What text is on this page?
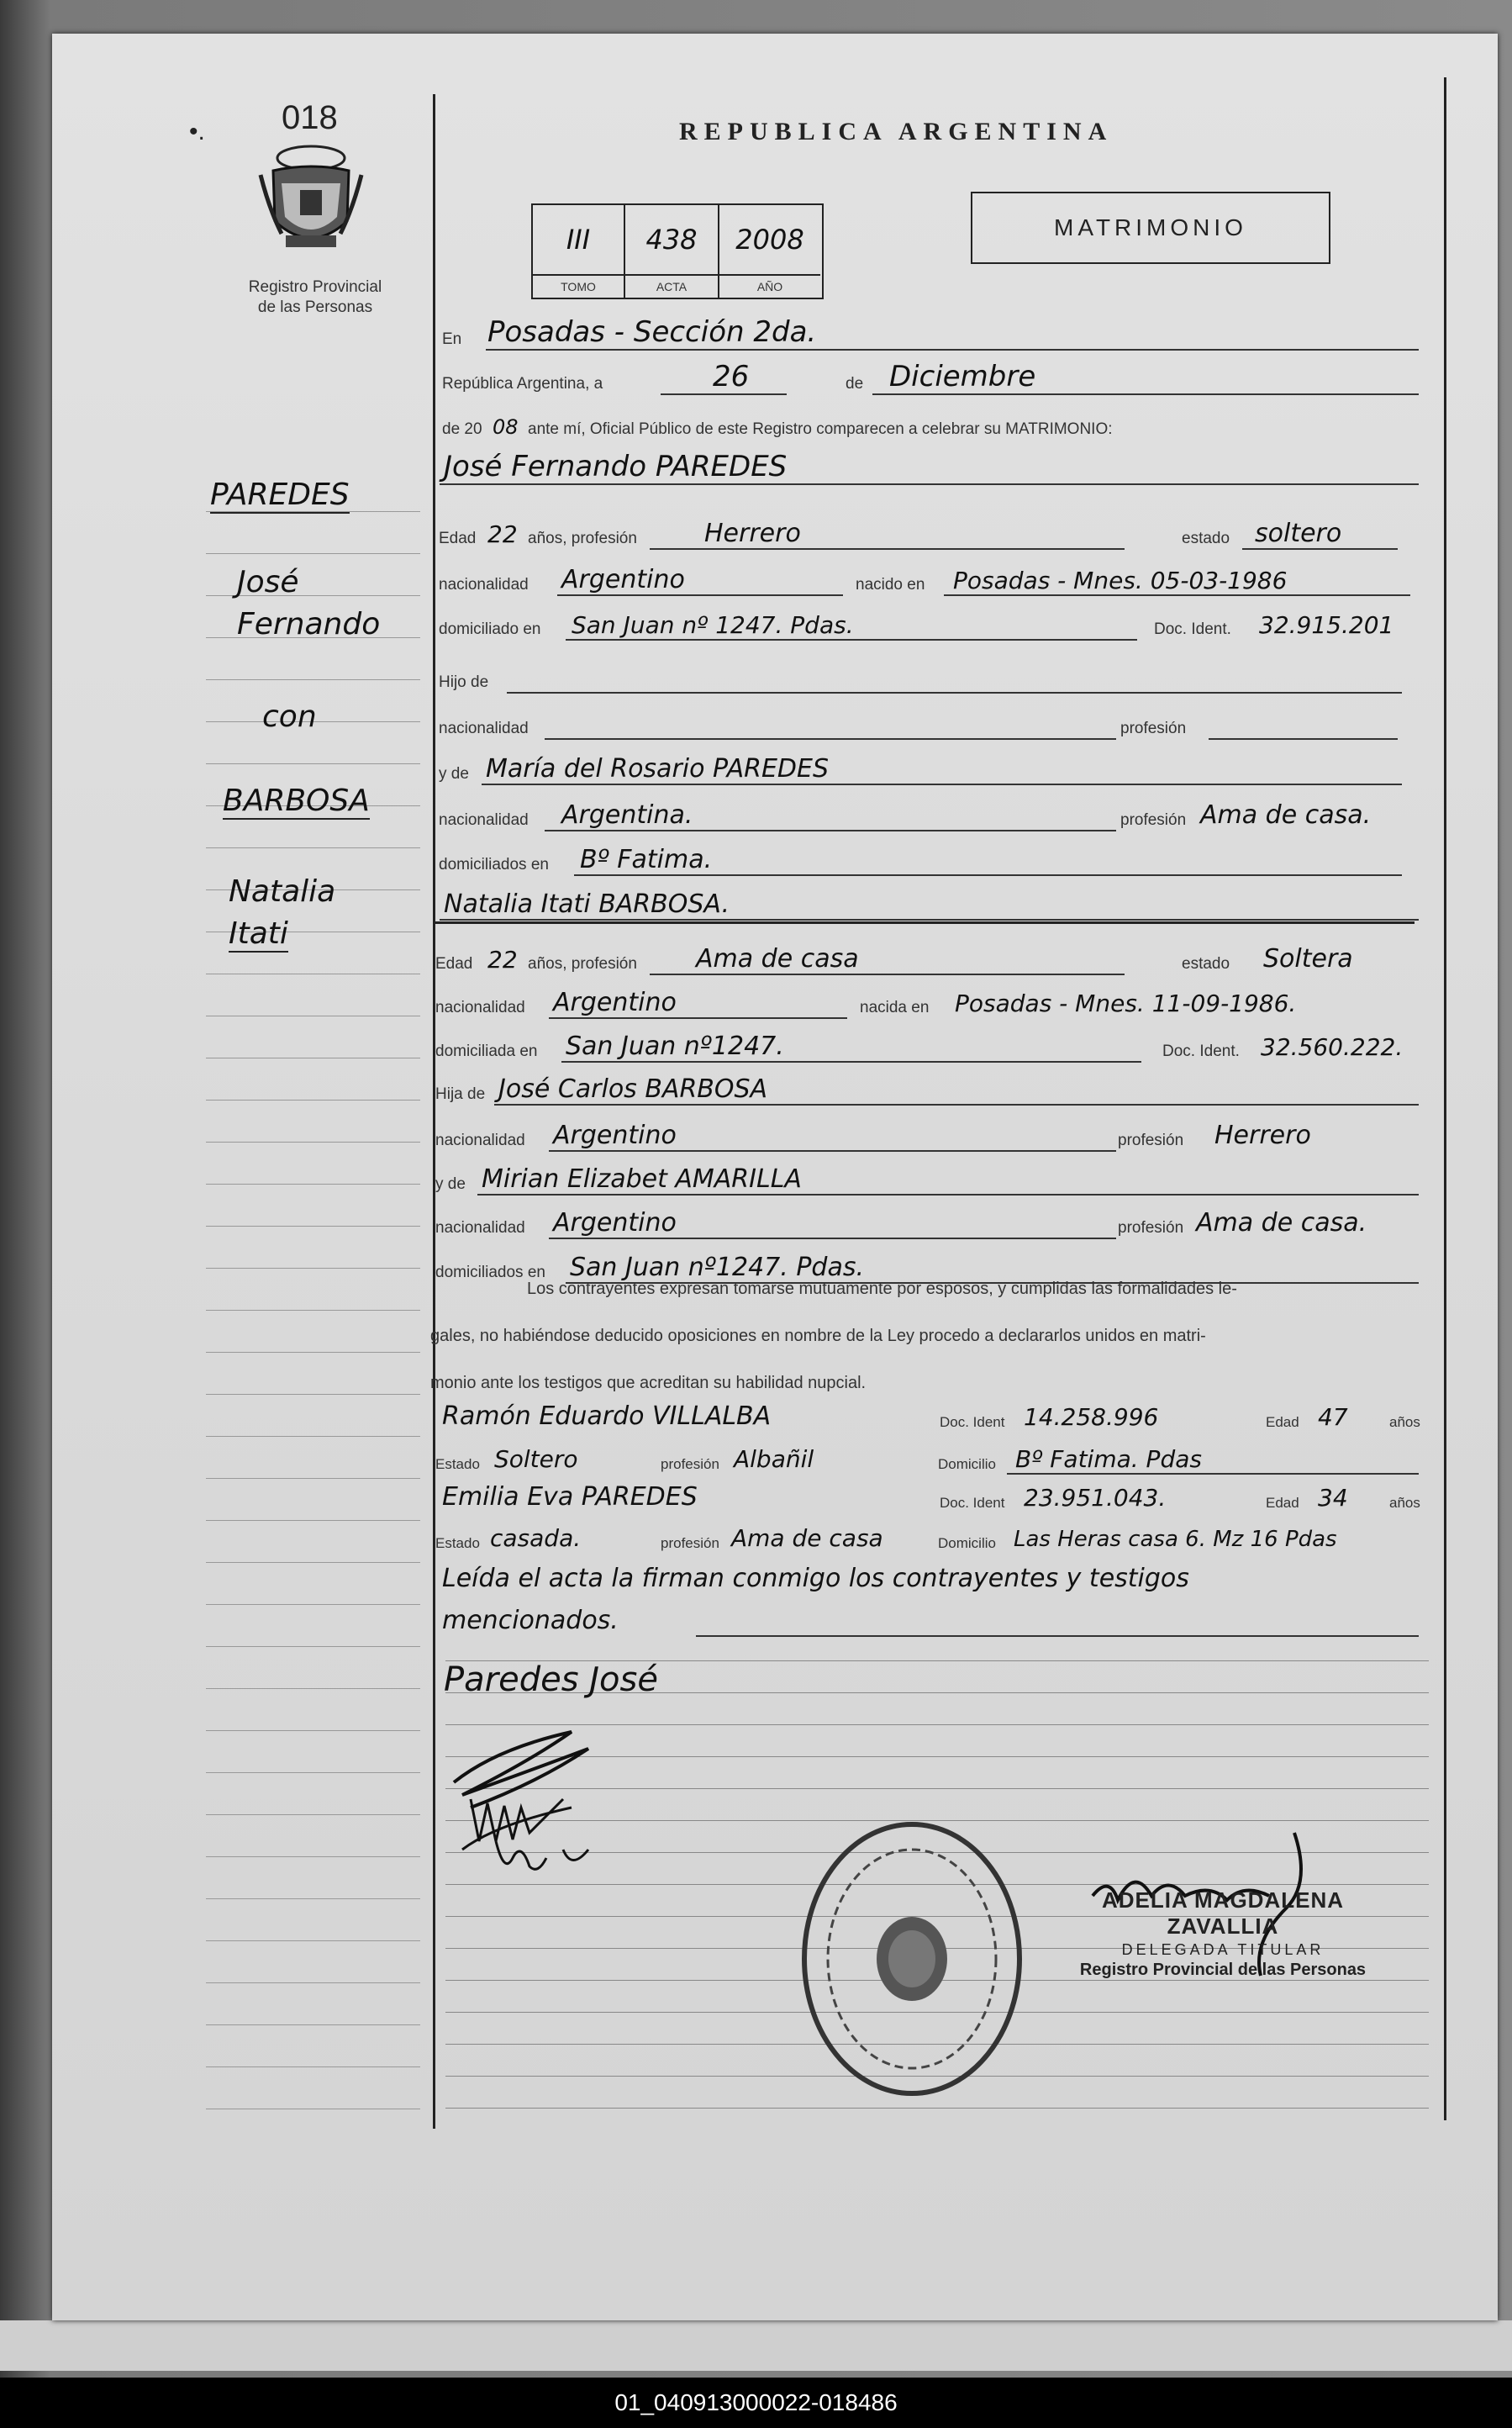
•. 018
Registro Provincial
de las Personas
PAREDES
José
Fernando
con
BARBOSA
Natalia
Itati
REPUBLICA ARGENTINA
III	438	2008
TOMO	ACTA	AÑO
MATRIMONIO
En Posadas - Sección 2da.
República Argentina, a	26	de Diciembre
de 20 08 ante mí, Oficial Público de este Registro comparecen a celebrar su MATRIMONIO:
José Fernando PAREDES
Edad 22 años, profesión	Herrero	estado soltero
nacionalidad Argentino	nacido en Posadas - Mnes. 05-03-1986
domiciliado en San Juan nº 1247. Pdas.	Doc. Ident. 32.915.201
Hijo de
nacionalidad	profesión
y de María del Rosario PAREDES
nacionalidad Argentina.	profesión Ama de casa.
domiciliados en Bº Fatima.
Natalia Itati BARBOSA.
Edad 22 años, profesión Ama de casa	estado Soltera
nacionalidad Argentino	nacida en Posadas - Mnes. 11-09-1986.
domiciliada en San Juan nº1247.	Doc. Ident. 32.560.222.
Hija de José Carlos BARBOSA
nacionalidad Argentino	profesión Herrero
y de Mirian Elizabet AMARILLA
nacionalidad Argentino	profesión Ama de casa.
domiciliados en San Juan nº1247. Pdas.
Los contrayentes expresan tomarse mutuamente por esposos, y cumplidas las formalidades le-
gales, no habiéndose deducido oposiciones en nombre de la Ley procedo a declararlos unidos en matri-
monio ante los testigos que acreditan su habilidad nupcial.
Ramón Eduardo VILLALBA	Doc. Ident 14.258.996	Edad 47	años
Estado Soltero	profesión Albañil	Domicilio Bº Fatima. Pdas
Emilia Eva PAREDES	Doc. Ident 23.951.043.	Edad 34	años
Estado casada.	profesión Ama de casa	Domicilio Las Heras casa 6. Mz 16 Pdas
Leída el acta la firman conmigo los contrayentes y testigos
mencionados.
Paredes José
ADELIA MAGDALENA ZAVALLIA
DELEGADA TITULAR
Registro Provincial de las Personas
01_040913000022-018486
